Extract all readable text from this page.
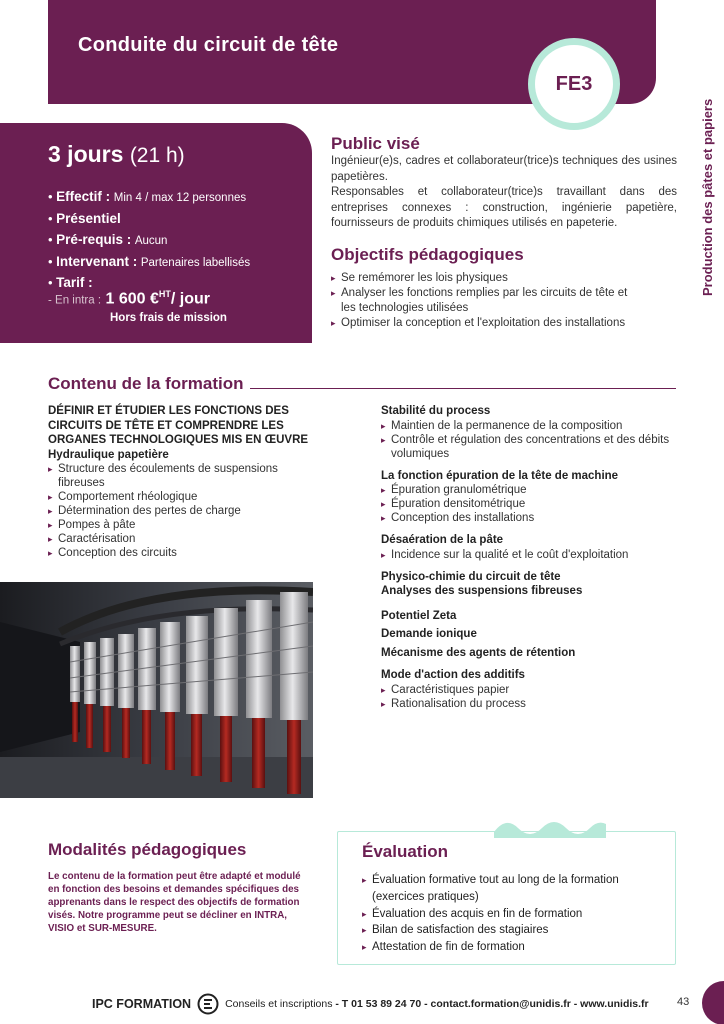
Conduite du circuit de tête
FE3
Production des pâtes et papiers
3 jours (21 h)
• Effectif : Min 4 / max 12 personnes
• Présentiel
• Pré-requis : Aucun
• Intervenant : Partenaires labellisés
• Tarif :
- En intra : 1 600 €$^{HT}$/ jour
Hors frais de mission
Public visé

Ingénieur(e)s, cadres et collaborateur(trice)s techniques des usines papetières.

Responsables et collaborateur(trice)s travaillant dans des entreprises connexes : construction, ingénierie papetière, fournisseurs de produits chimiques utilisés en papeterie.

Objectifs pédagogiques
▸ Se remémorer les lois physiques
▸ Analyser les fonctions remplies par les circuits de tête et les technologies utilisées
▸ Optimiser la conception et l'exploitation des installations
Contenu de la formation
DÉFINIR ET ÉTUDIER LES FONCTIONS DES CIRCUITS DE TÊTE ET COMPRENDRE LES ORGANES TECHNOLOGIQUES MIS EN ŒUVRE
Hydraulique papetière
▸ Structure des écoulements de suspensions fibreuses
▸ Comportement rhéologique
▸ Détermination des pertes de charge
▸ Pompes à pâte
▸ Caractérisation
▸ Conception des circuits
Stabilité du process
▸ Maintien de la permanence de la composition
▸ Contrôle et régulation des concentrations et des débits volumiques
La fonction épuration de la tête de machine
▸ Épuration granulométrique
▸ Épuration densitométrique
▸ Conception des installations
Désaération de la pâte
▸ Incidence sur la qualité et le coût d'exploitation
Physico-chimie du circuit de tête
Analyses des suspensions fibreuses
Potentiel Zeta
Demande ionique
Mécanisme des agents de rétention
Mode d'action des additifs
▸ Caractéristiques papier
▸ Rationalisation du process
Modalités pédagogiques

Le contenu de la formation peut être adapté et modulé en fonction des besoins et demandes spécifiques des apprenants dans le respect des objectifs de formation visés. Notre programme peut se décliner en INTRA, VISIO et SUR-MESURE.

Évaluation
▸ Évaluation formative tout au long de la formation (exercices pratiques)
▸ Évaluation des acquis en fin de formation
▸ Bilan de satisfaction des stagiaires
▸ Attestation de fin de formation
IPC FORMATION	Conseils et inscriptions - T 01 53 89 24 70 - contact.formation@unidis.fr - www.unidis.fr	43
